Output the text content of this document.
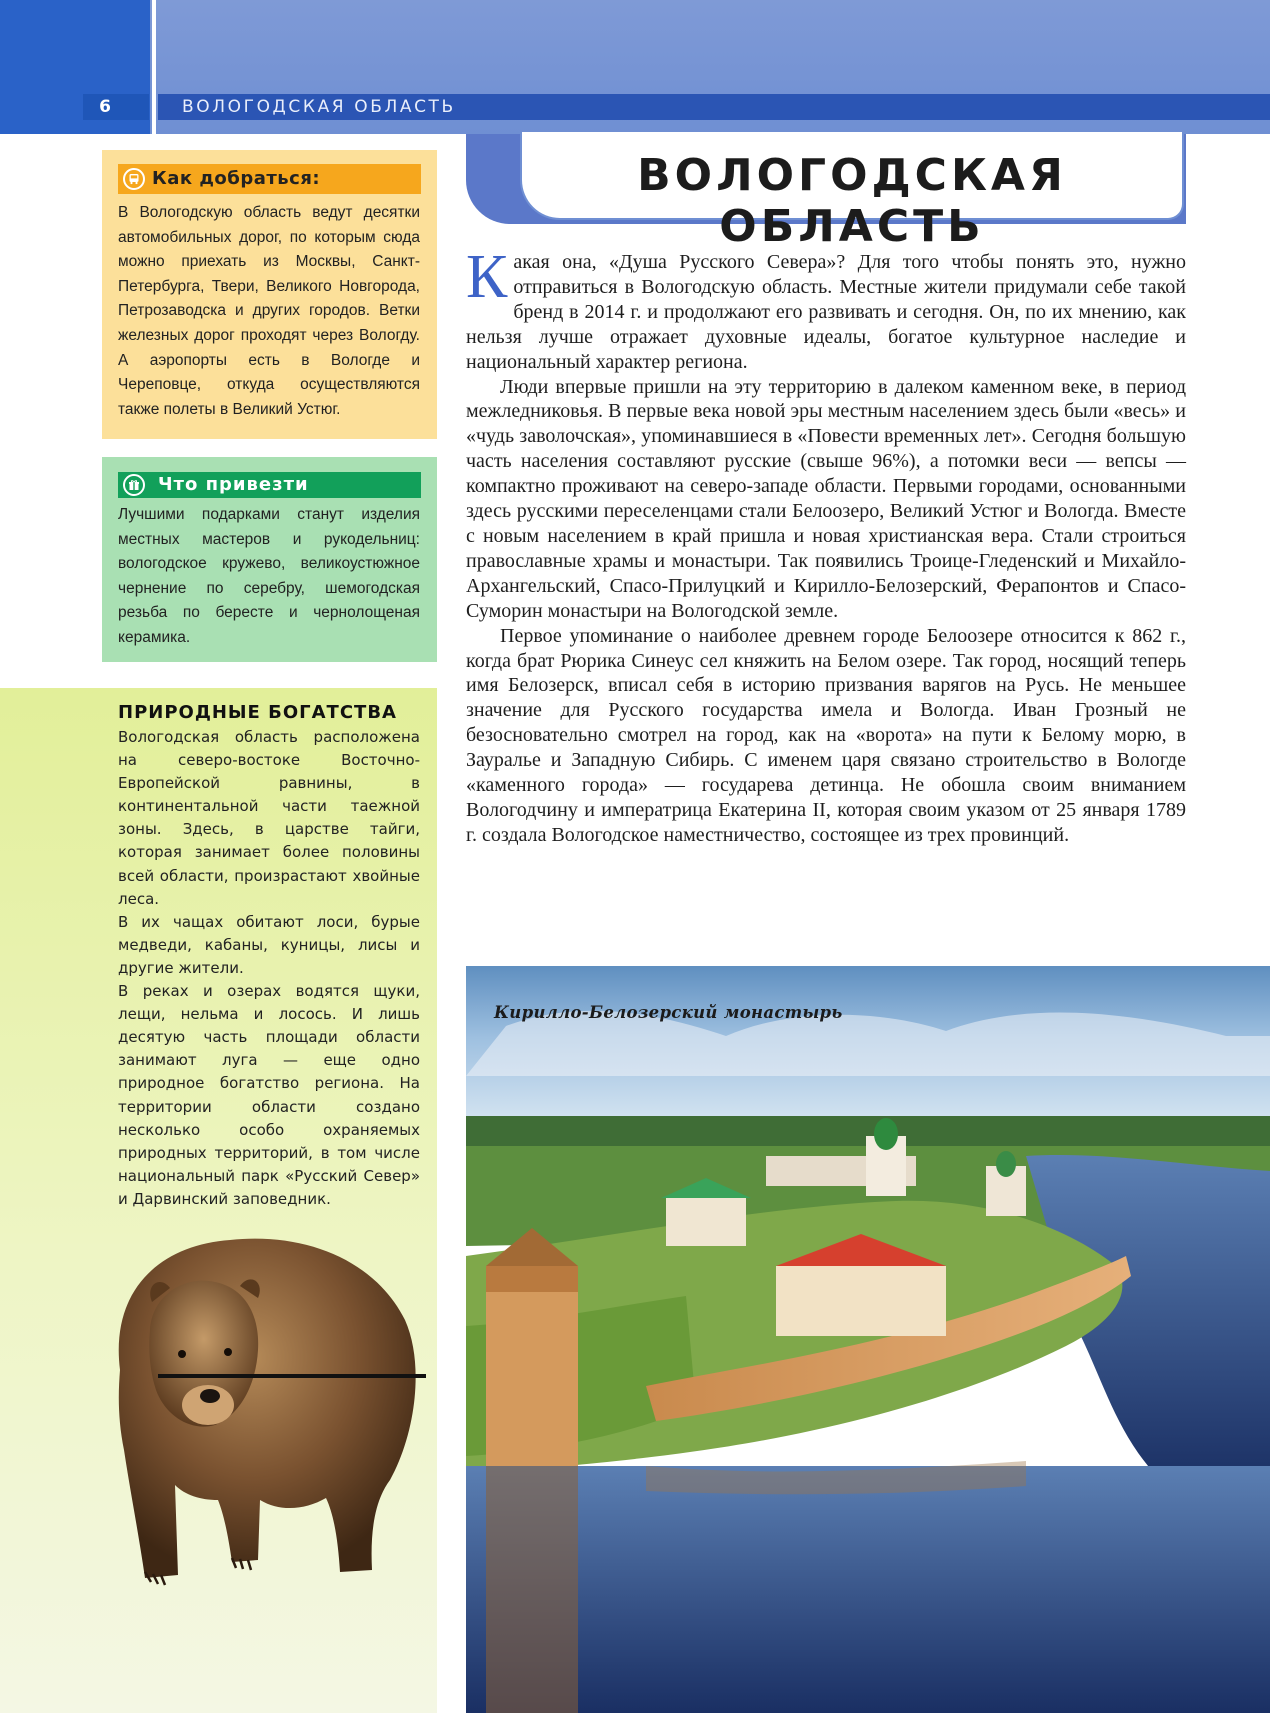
6	ВОЛОГОДСКАЯ ОБЛАСТЬ
ВОЛОГОДСКАЯ ОБЛАСТЬ
Как добраться:
В Вологодскую область ведут десятки автомобильных дорог, по которым сюда можно приехать из Москвы, Санкт-Петербурга, Твери, Великого Новгорода, Петрозаводска и других городов. Ветки железных дорог проходят через Вологду. А аэропорты есть в Вологде и Череповце, откуда осуществляются также полеты в Великий Устюг.
Что привезти
Лучшими подарками станут изделия местных мастеров и рукодельниц: вологодское кружево, великоустюжное чернение по серебру, шемогодская резьба по бересте и чернолощеная керамика.
ПРИРОДНЫЕ БОГАТСТВА

Вологодская область расположена на северо-востоке Восточно-Европейской равнины, в континентальной части таежной зоны. Здесь, в царстве тайги, которая занимает более половины всей области, произрастают хвойные леса.

В их чащах обитают лоси, бурые медведи, кабаны, куницы, лисы и другие жители.

В реках и озерах водятся щуки, лещи, нельма и лосось. И лишь десятую часть площади области занимают луга — еще одно природное богатство региона. На территории области создано несколько особо охраняемых природных территорий, в том числе национальный парк «Русский Север» и Дарвинский заповедник.

Какая она, «Душа Русского Севера»? Для того чтобы понять это, нужно отправиться в Вологодскую область. Местные жители придумали себе такой бренд в 2014 г. и продолжают его развивать и сегодня. Он, по их мнению, как нельзя лучше отражает духовные идеалы, богатое культурное наследие и национальный характер региона.

Люди впервые пришли на эту территорию в далеком каменном веке, в период межледниковья. В первые века новой эры местным населением здесь были «весь» и «чудь заволочская», упоминавшиеся в «Повести временных лет». Сегодня большую часть населения составляют русские (свыше 96%), а потомки веси — вепсы — компактно проживают на северо-западе области. Первыми городами, основанными здесь русскими переселенцами стали Белоозеро, Великий Устюг и Вологда. Вместе с новым населением в край пришла и новая христианская вера. Стали строиться православные храмы и монастыри. Так появились Троице-Гледенский и Михайло-Архангельский, Спасо-Прилуцкий и Кирилло-Белозерский, Ферапонтов и Спасо-Суморин монастыри на Вологодской земле.

Первое упоминание о наиболее древнем городе Белоозере относится к 862 г., когда брат Рюрика Синеус сел княжить на Белом озере. Так город, носящий теперь имя Белозерск, вписал себя в историю призвания варягов на Русь. Не меньшее значение для Русского государства имела и Вологда. Иван Грозный не безосновательно смотрел на город, как на «ворота» на пути к Белому морю, в Зауралье и Западную Сибирь. С именем царя связано строительство в Вологде «каменного города» — государева детинца. Не обошла своим вниманием Вологодчину и императрица Екатерина II, которая своим указом от 25 января 1789 г. создала Вологодское наместничество, состоящее из трех провинций.

Кирилло-Белозерский монастырь
